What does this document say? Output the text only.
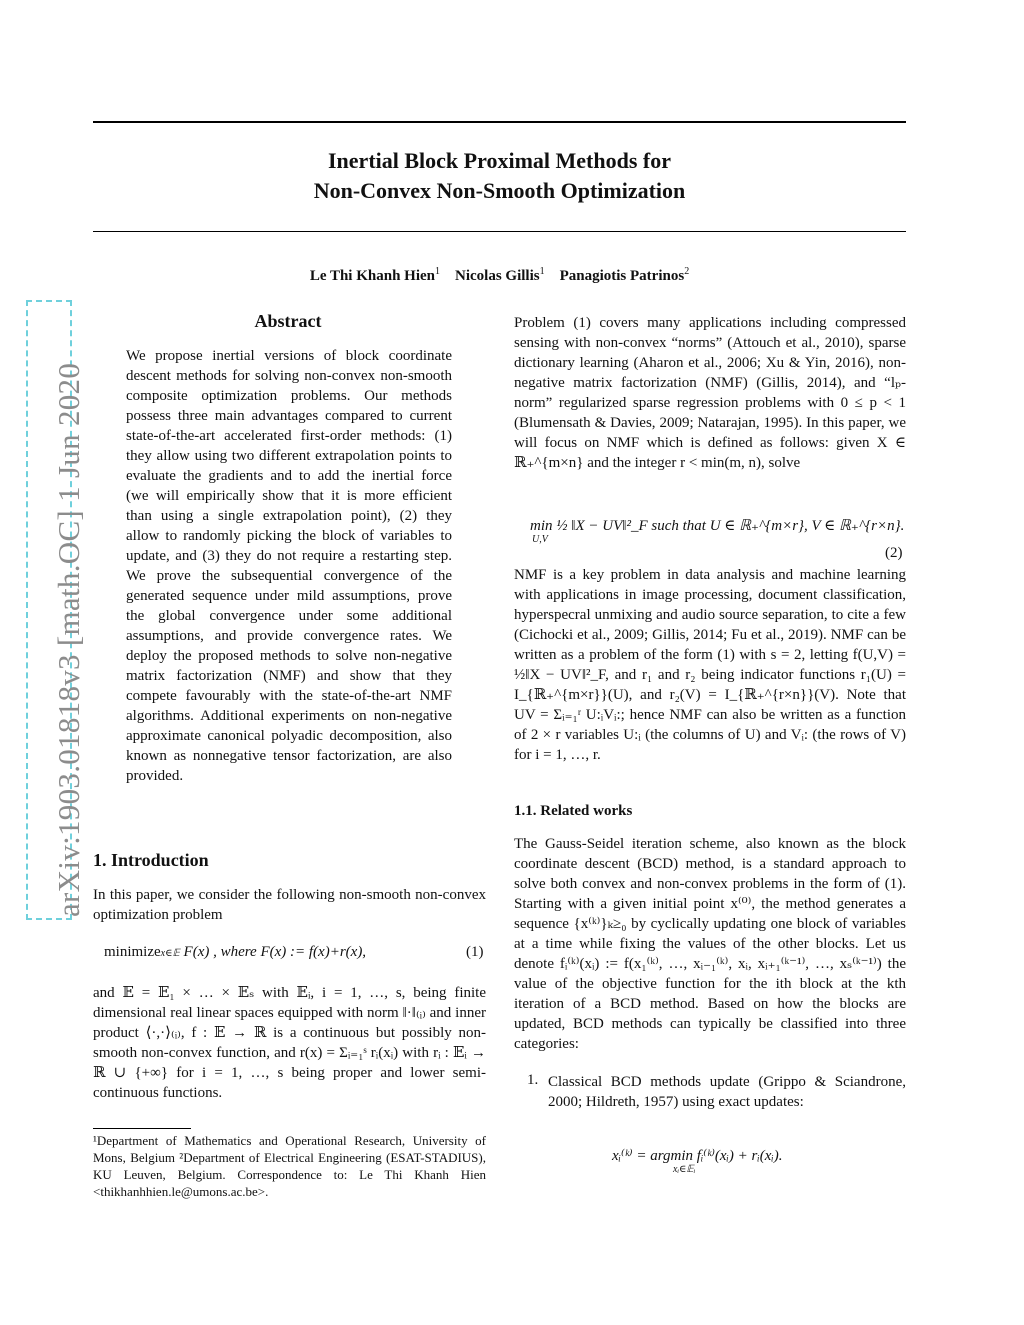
arXiv:1903.01818v3 [math.OC] 1 Jun 2020
Inertial Block Proximal Methods for
Non-Convex Non-Smooth Optimization
Le Thi Khanh Hien$^1$ Nicolas Gillis$^1$ Panagiotis Patrinos$^2$
Abstract
We propose inertial versions of block coordinate descent methods for solving non-convex non-smooth composite optimization problems. Our methods possess three main advantages compared to current state-of-the-art accelerated first-order methods: (1) they allow using two different extrapolation points to evaluate the gradients and to add the inertial force (we will empirically show that it is more efficient than using a single extrapolation point), (2) they allow to randomly picking the block of variables to update, and (3) they do not require a restarting step. We prove the subsequential convergence of the generated sequence under mild assumptions, prove the global convergence under some additional assumptions, and provide convergence rates. We deploy the proposed methods to solve non-negative matrix factorization (NMF) and show that they compete favourably with the state-of-the-art NMF algorithms. Additional experiments on non-negative approximate canonical polyadic decomposition, also known as nonnegative tensor factorization, are also provided.
1. Introduction
In this paper, we consider the following non-smooth non-convex optimization problem
minimizex∈𝔼 F(x) , where F(x) := f(x)+r(x),	(1)
and 𝔼 = 𝔼₁ × … × 𝔼ₛ with 𝔼ᵢ, i = 1, …, s, being finite dimensional real linear spaces equipped with norm ‖·‖₍ᵢ₎ and inner product ⟨·,·⟩₍ᵢ₎, f : 𝔼 → ℝ is a continuous but possibly non-smooth non-convex function, and r(x) = Σᵢ₌₁ˢ rᵢ(xᵢ) with rᵢ : 𝔼ᵢ → ℝ ∪ {+∞} for i = 1, …, s being proper and lower semi-continuous functions.
¹Department of Mathematics and Operational Research, University of Mons, Belgium ²Department of Electrical Engineering (ESAT-STADIUS), KU Leuven, Belgium. Correspondence to: Le Thi Khanh Hien <thikhanhhien.le@umons.ac.be>.
Problem (1) covers many applications including compressed sensing with non-convex “norms” (Attouch et al., 2010), sparse dictionary learning (Aharon et al., 2006; Xu & Yin, 2016), non-negative matrix factorization (NMF) (Gillis, 2014), and “lₚ-norm” regularized sparse regression problems with 0 ≤ p < 1 (Blumensath & Davies, 2009; Natarajan, 1995). In this paper, we will focus on NMF which is defined as follows: given X ∈ ℝ₊^{m×n} and the integer r < min(m, n), solve
min ½ ‖X − UV‖²_F such that U ∈ ℝ₊^{m×r}, V ∈ ℝ₊^{r×n}.
U,V
(2)
NMF is a key problem in data analysis and machine learning with applications in image processing, document classification, hyperspecral unmixing and audio source separation, to cite a few (Cichocki et al., 2009; Gillis, 2014; Fu et al., 2019). NMF can be written as a problem of the form (1) with s = 2, letting f(U,V) = ½‖X − UV‖²_F, and r₁ and r₂ being indicator functions r₁(U) = I_{ℝ₊^{m×r}}(U), and r₂(V) = I_{ℝ₊^{r×n}}(V). Note that UV = Σᵢ₌₁ʳ U:ᵢVᵢ:; hence NMF can also be written as a function of 2 × r variables U:ᵢ (the columns of U) and Vᵢ: (the rows of V) for i = 1, …, r.
1.1. Related works
The Gauss-Seidel iteration scheme, also known as the block coordinate descent (BCD) method, is a standard approach to solve both convex and non-convex problems in the form of (1). Starting with a given initial point x⁽⁰⁾, the method generates a sequence {x⁽ᵏ⁾}ₖ≥₀ by cyclically updating one block of variables at a time while fixing the values of the other blocks. Let us denote fᵢ⁽ᵏ⁾(xᵢ) := f(x₁⁽ᵏ⁾, …, xᵢ₋₁⁽ᵏ⁾, xᵢ, xᵢ₊₁⁽ᵏ⁻¹⁾, …, xₛ⁽ᵏ⁻¹⁾) the value of the objective function for the ith block at the kth iteration of a BCD method. Based on how the blocks are updated, BCD methods can typically be classified into three categories:
1. Classical BCD methods update (Grippo & Sciandrone, 2000; Hildreth, 1957) using exact updates:
xᵢ⁽ᵏ⁾ = argmin fᵢ⁽ᵏ⁾(xᵢ) + rᵢ(xᵢ).
xᵢ∈𝔼ᵢ
